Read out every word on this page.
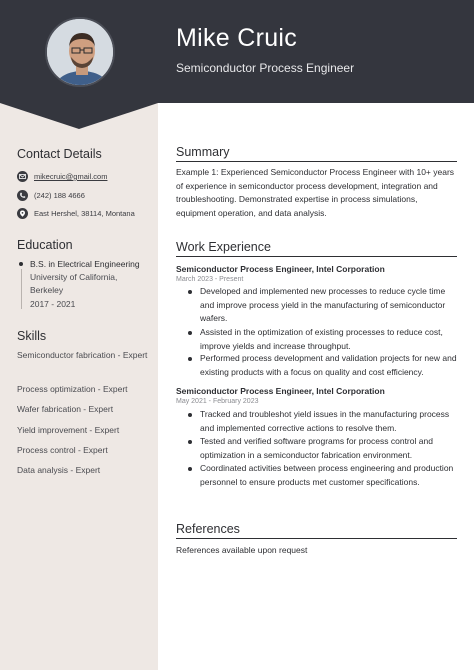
Mike Cruic
Semiconductor Process Engineer
Contact Details
mikecruic@gmail.com
(242) 188 4666
East Hershel, 38114, Montana
Education
B.S. in Electrical Engineering
University of California,
Berkeley
2017 - 2021
Skills
Semiconductor fabrication - Expert
Process optimization - Expert
Wafer fabrication - Expert
Yield improvement - Expert
Process control - Expert
Data analysis - Expert
Summary
Example 1: Experienced Semiconductor Process Engineer with 10+ years of experience in semiconductor process development, integration and troubleshooting. Demonstrated expertise in process simulations, equipment operation, and data analysis.
Work Experience
Semiconductor Process Engineer, Intel Corporation
March 2023 - Present
Developed and implemented new processes to reduce cycle time and improve process yield in the manufacturing of semiconductor wafers.
Assisted in the optimization of existing processes to reduce cost, improve yields and increase throughput.
Performed process development and validation projects for new and existing products with a focus on quality and cost efficiency.
Semiconductor Process Engineer, Intel Corporation
May 2021 - February 2023
Tracked and troubleshot yield issues in the manufacturing process and implemented corrective actions to resolve them.
Tested and verified software programs for process control and optimization in a semiconductor fabrication environment.
Coordinated activities between process engineering and production personnel to ensure products met customer specifications.
References
References available upon request
